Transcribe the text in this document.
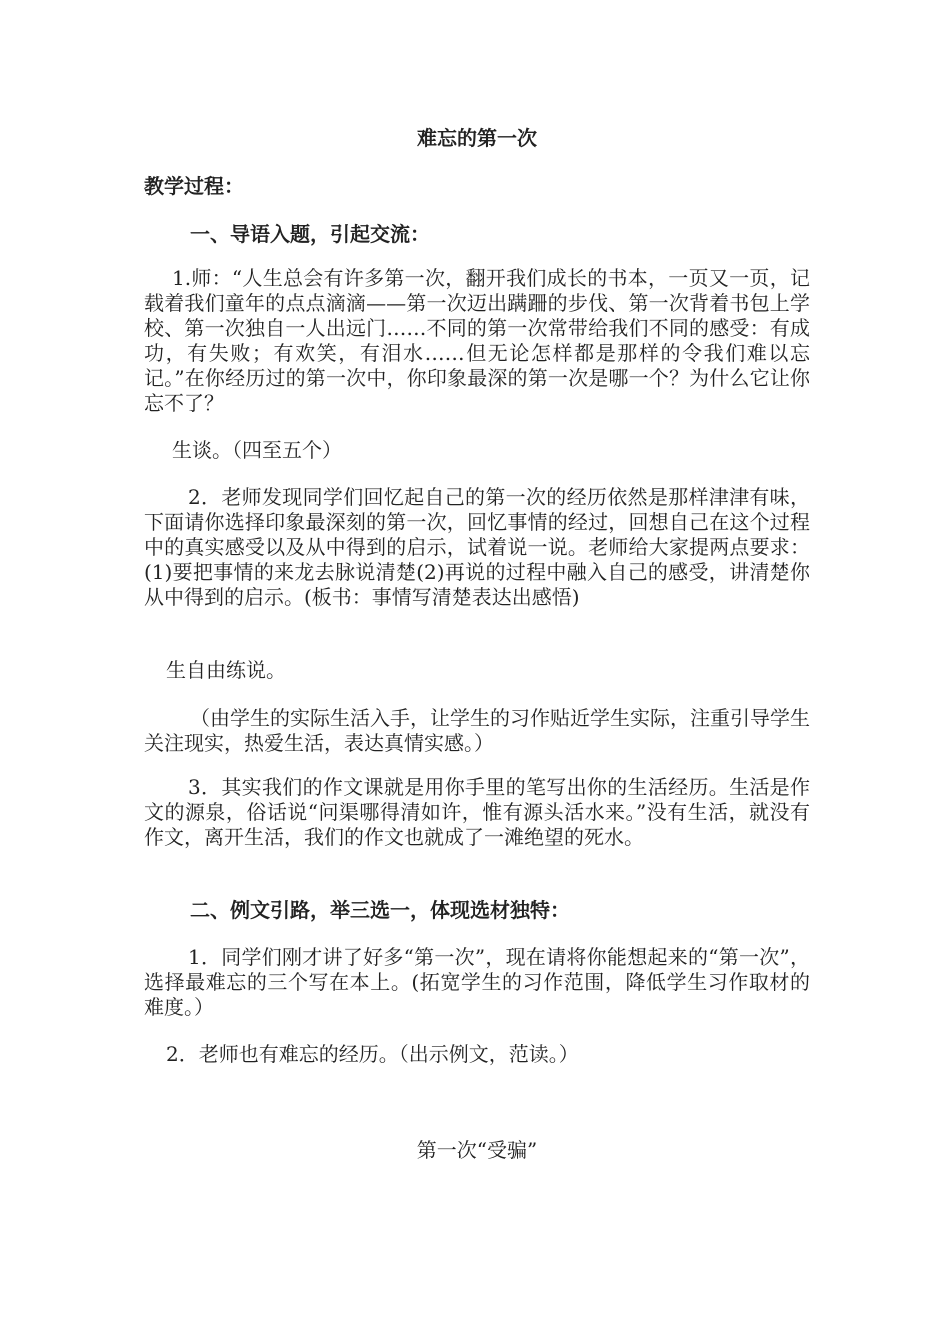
难忘的第一次
教学过程：
一、导语入题，引起交流：
1.师：“人生总会有许多第一次，翻开我们成长的书本，一页又一页，记载着我们童年的点点滴滴——第一次迈出蹒跚的步伐、第一次背着书包上学校、第一次独自一人出远门……不同的第一次常带给我们不同的感受：有成功，有失败；有欢笑，有泪水……但无论怎样都是那样的令我们难以忘记。”在你经历过的第一次中，你印象最深的第一次是哪一个？为什么它让你忘不了？
生谈。（四至五个）
2．老师发现同学们回忆起自己的第一次的经历依然是那样津津有味，下面请你选择印象最深刻的第一次，回忆事情的经过，回想自己在这个过程中的真实感受以及从中得到的启示，试着说一说。老师给大家提两点要求：(1)要把事情的来龙去脉说清楚(2)再说的过程中融入自己的感受，讲清楚你从中得到的启示。(板书：事情写清楚表达出感悟)
生自由练说。
（由学生的实际生活入手，让学生的习作贴近学生实际，注重引导学生关注现实，热爱生活，表达真情实感。）
3．其实我们的作文课就是用你手里的笔写出你的生活经历。生活是作文的源泉，俗话说“问渠哪得清如许，惟有源头活水来。”没有生活，就没有作文，离开生活，我们的作文也就成了一滩绝望的死水。
二、例文引路，举三选一，体现选材独特：
1．同学们刚才讲了好多“第一次”，现在请将你能想起来的“第一次”，选择最难忘的三个写在本上。(拓宽学生的习作范围，降低学生习作取材的难度。）
2．老师也有难忘的经历。（出示例文，范读。）
第一次“受骗”
